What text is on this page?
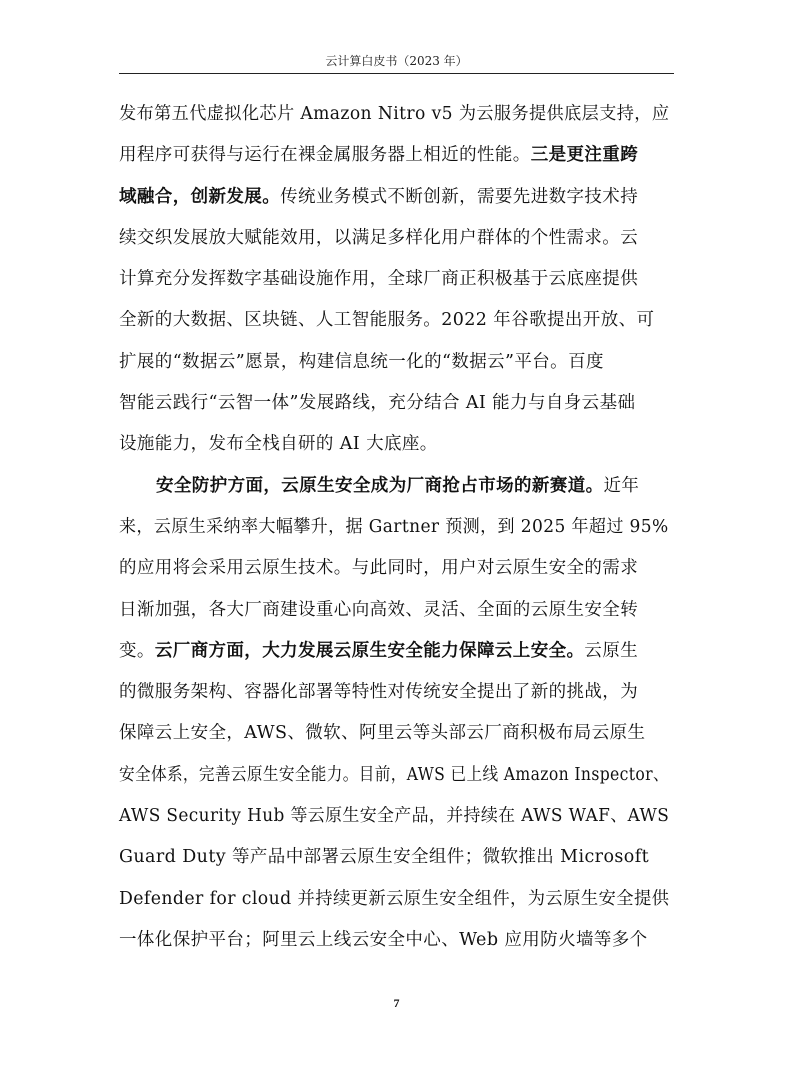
云计算白皮书（2023 年）
发布第五代虚拟化芯片 Amazon Nitro v5 为云服务提供底层支持，应
用程序可获得与运行在裸金属服务器上相近的性能。三是更注重跨
域融合，创新发展。传统业务模式不断创新，需要先进数字技术持
续交织发展放大赋能效用，以满足多样化用户群体的个性需求。云
计算充分发挥数字基础设施作用，全球厂商正积极基于云底座提供
全新的大数据、区块链、人工智能服务。2022 年谷歌提出开放、可
扩展的“数据云”愿景，构建信息统一化的“数据云”平台。百度
智能云践行“云智一体”发展路线，充分结合 AI 能力与自身云基础
设施能力，发布全栈自研的 AI 大底座。
安全防护方面，云原生安全成为厂商抢占市场的新赛道。近年
来，云原生采纳率大幅攀升，据 Gartner 预测，到 2025 年超过 95%
的应用将会采用云原生技术。与此同时，用户对云原生安全的需求
日渐加强，各大厂商建设重心向高效、灵活、全面的云原生安全转
变。云厂商方面，大力发展云原生安全能力保障云上安全。云原生
的微服务架构、容器化部署等特性对传统安全提出了新的挑战，为
保障云上安全，AWS、微软、阿里云等头部云厂商积极布局云原生
安全体系，完善云原生安全能力。目前，AWS 已上线 Amazon Inspector、
AWS Security Hub 等云原生安全产品，并持续在 AWS WAF、AWS
Guard Duty 等产品中部署云原生安全组件；微软推出 Microsoft
Defender for cloud 并持续更新云原生安全组件，为云原生安全提供
一体化保护平台；阿里云上线云安全中心、Web 应用防火墙等多个
7
